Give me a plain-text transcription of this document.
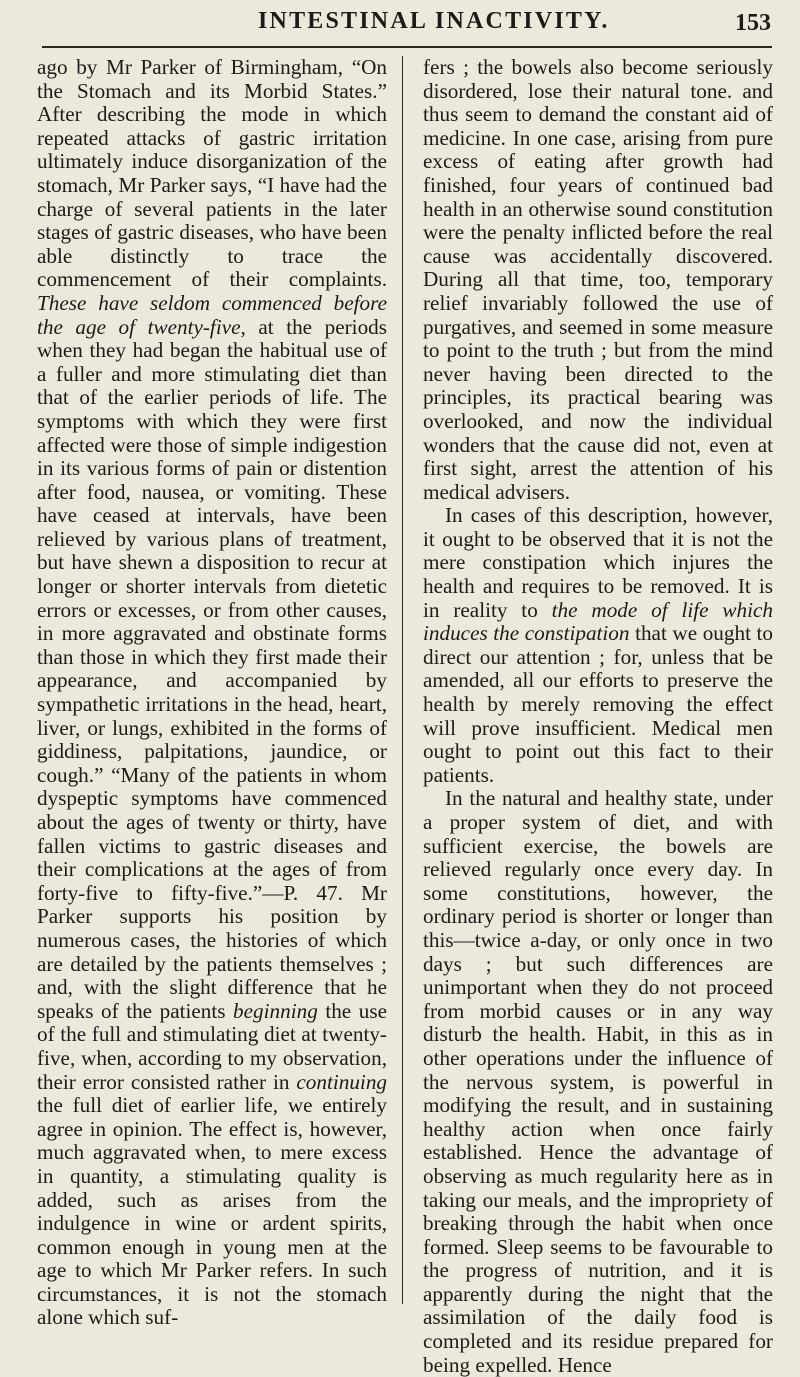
INTESTINAL INACTIVITY.	153

ago by Mr Parker of Birmingham, “On the Stomach and its Morbid States.” After describing the mode in which repeated attacks of gastric irritation ultimately induce disorganization of the stomach, Mr Parker says, “I have had the charge of several patients in the later stages of gastric diseases, who have been able distinctly to trace the commencement of their complaints. These have seldom commenced before the age of twenty-five, at the periods when they had began the habitual use of a fuller and more stimulating diet than that of the earlier periods of life. The symptoms with which they were first affected were those of simple indigestion in its various forms of pain or distention after food, nausea, or vomiting. These have ceased at intervals, have been relieved by various plans of treatment, but have shewn a disposition to recur at longer or shorter intervals from dietetic errors or excesses, or from other causes, in more aggravated and obstinate forms than those in which they first made their appearance, and accompanied by sympathetic irritations in the head, heart, liver, or lungs, exhibited in the forms of giddiness, palpitations, jaundice, or cough.” “Many of the patients in whom dyspeptic symptoms have commenced about the ages of twenty or thirty, have fallen victims to gastric diseases and their complications at the ages of from forty-five to fifty-five.”—P. 47. Mr Parker supports his position by numerous cases, the histories of which are detailed by the patients themselves ; and, with the slight difference that he speaks of the patients beginning the use of the full and stimulating diet at twenty-five, when, according to my observation, their error consisted rather in continuing the full diet of earlier life, we entirely agree in opinion. The effect is, however, much aggravated when, to mere excess in quantity, a stimulating quality is added, such as arises from the indulgence in wine or ardent spirits, common enough in young men at the age to which Mr Parker refers. In such circumstances, it is not the stomach alone which suf-

fers ; the bowels also become seriously disordered, lose their natural tone. and thus seem to demand the constant aid of medicine. In one case, arising from pure excess of eating after growth had finished, four years of continued bad health in an otherwise sound constitution were the penalty inflicted before the real cause was accidentally discovered. During all that time, too, temporary relief invariably followed the use of purgatives, and seemed in some measure to point to the truth ; but from the mind never having been directed to the principles, its practical bearing was overlooked, and now the individual wonders that the cause did not, even at first sight, arrest the attention of his medical advisers.

In cases of this description, however, it ought to be observed that it is not the mere constipation which injures the health and requires to be removed. It is in reality to the mode of life which induces the constipation that we ought to direct our attention ; for, unless that be amended, all our efforts to preserve the health by merely removing the effect will prove insufficient. Medical men ought to point out this fact to their patients.

In the natural and healthy state, under a proper system of diet, and with sufficient exercise, the bowels are relieved regularly once every day. In some constitutions, however, the ordinary period is shorter or longer than this—twice a-day, or only once in two days ; but such differences are unimportant when they do not proceed from morbid causes or in any way disturb the health. Habit, in this as in other operations under the influence of the nervous system, is powerful in modifying the result, and in sustaining healthy action when once fairly established. Hence the advantage of observing as much regularity here as in taking our meals, and the impropriety of breaking through the habit when once formed. Sleep seems to be favourable to the progress of nutrition, and it is apparently during the night that the assimilation of the daily food is completed and its residue prepared for being expelled. Hence
